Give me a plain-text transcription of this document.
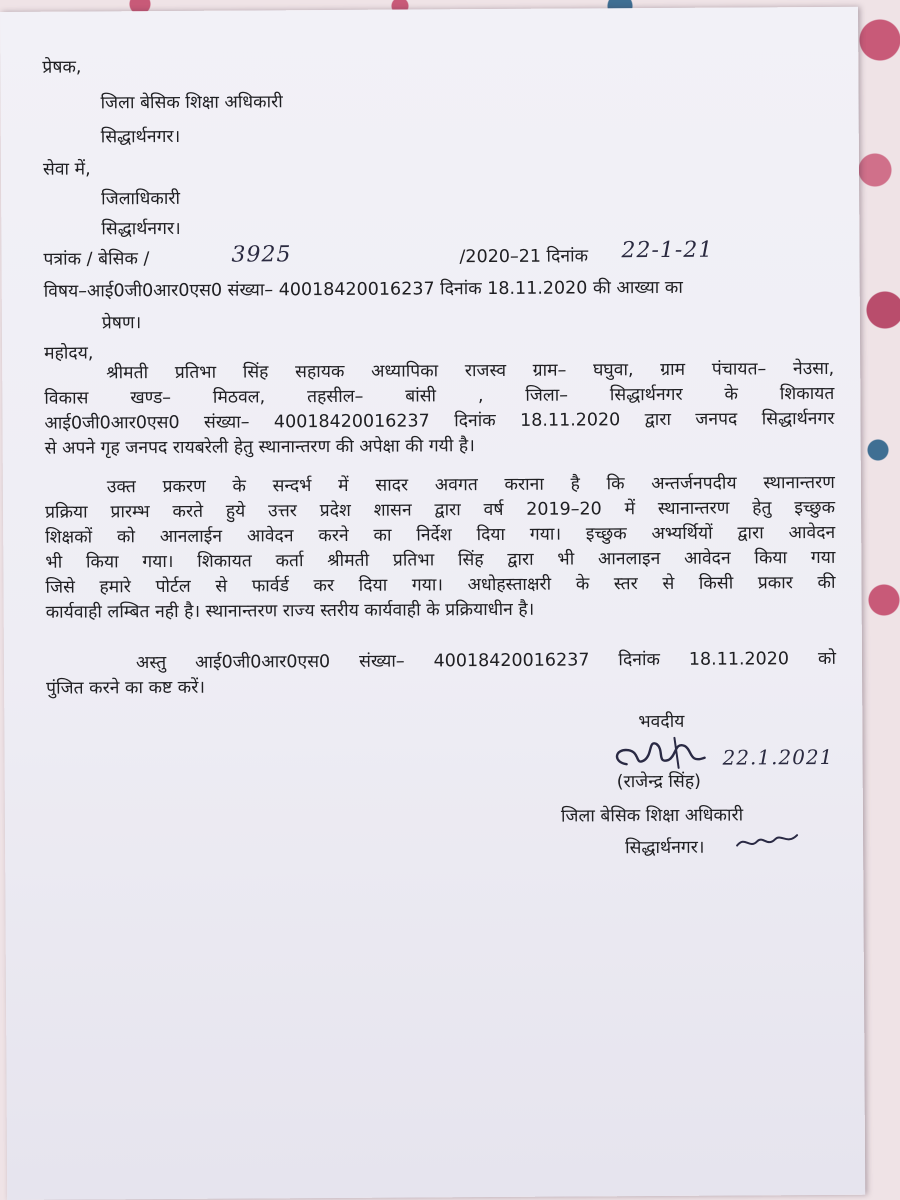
प्रेषक,
जिला बेसिक शिक्षा अधिकारी
सिद्धार्थनगर।
सेवा में,
जिलाधिकारी
सिद्धार्थनगर।
पत्रांक / बेसिक /	3925	/2020–21 दिनांक 22-1-21
विषय–आई0जी0आर0एस0 संख्या– 40018420016237 दिनांक 18.11.2020 की आख्या का
प्रेषण।
महोदय,
श्रीमती प्रतिभा सिंह सहायक अध्यापिका राजस्व ग्राम– घघुवा, ग्राम पंचायत– नेउसा,
विकास खण्ड– मिठवल, तहसील– बांसी , जिला– सिद्धार्थनगर के शिकायत
आई0जी0आर0एस0 संख्या– 40018420016237 दिनांक 18.11.2020 द्वारा जनपद सिद्धार्थनगर
से अपने गृह जनपद रायबरेली हेतु स्थानान्तरण की अपेक्षा की गयी है।
उक्त प्रकरण के सन्दर्भ में सादर अवगत कराना है कि अन्तर्जनपदीय स्थानान्तरण
प्रक्रिया प्रारम्भ करते हुये उत्तर प्रदेश शासन द्वारा वर्ष 2019–20 में स्थानान्तरण हेतु इच्छुक
शिक्षकों को आनलाईन आवेदन करने का निर्देश दिया गया। इच्छुक अभ्यर्थियों द्वारा आवेदन
भी किया गया। शिकायत कर्ता श्रीमती प्रतिभा सिंह द्वारा भी आनलाइन आवेदन किया गया
जिसे हमारे पोर्टल से फार्वर्ड कर दिया गया। अधोहस्ताक्षरी के स्तर से किसी प्रकार की
कार्यवाही लम्बित नही है। स्थानान्तरण राज्य स्तरीय कार्यवाही के प्रक्रियाधीन है।
अस्तु आई0जी0आर0एस0 संख्या– 40018420016237 दिनांक 18.11.2020 को
पुंजित करने का कष्ट करें।
भवदीय
22.1.2021
(राजेन्द्र सिंह)
जिला बेसिक शिक्षा अधिकारी
सिद्धार्थनगर।
